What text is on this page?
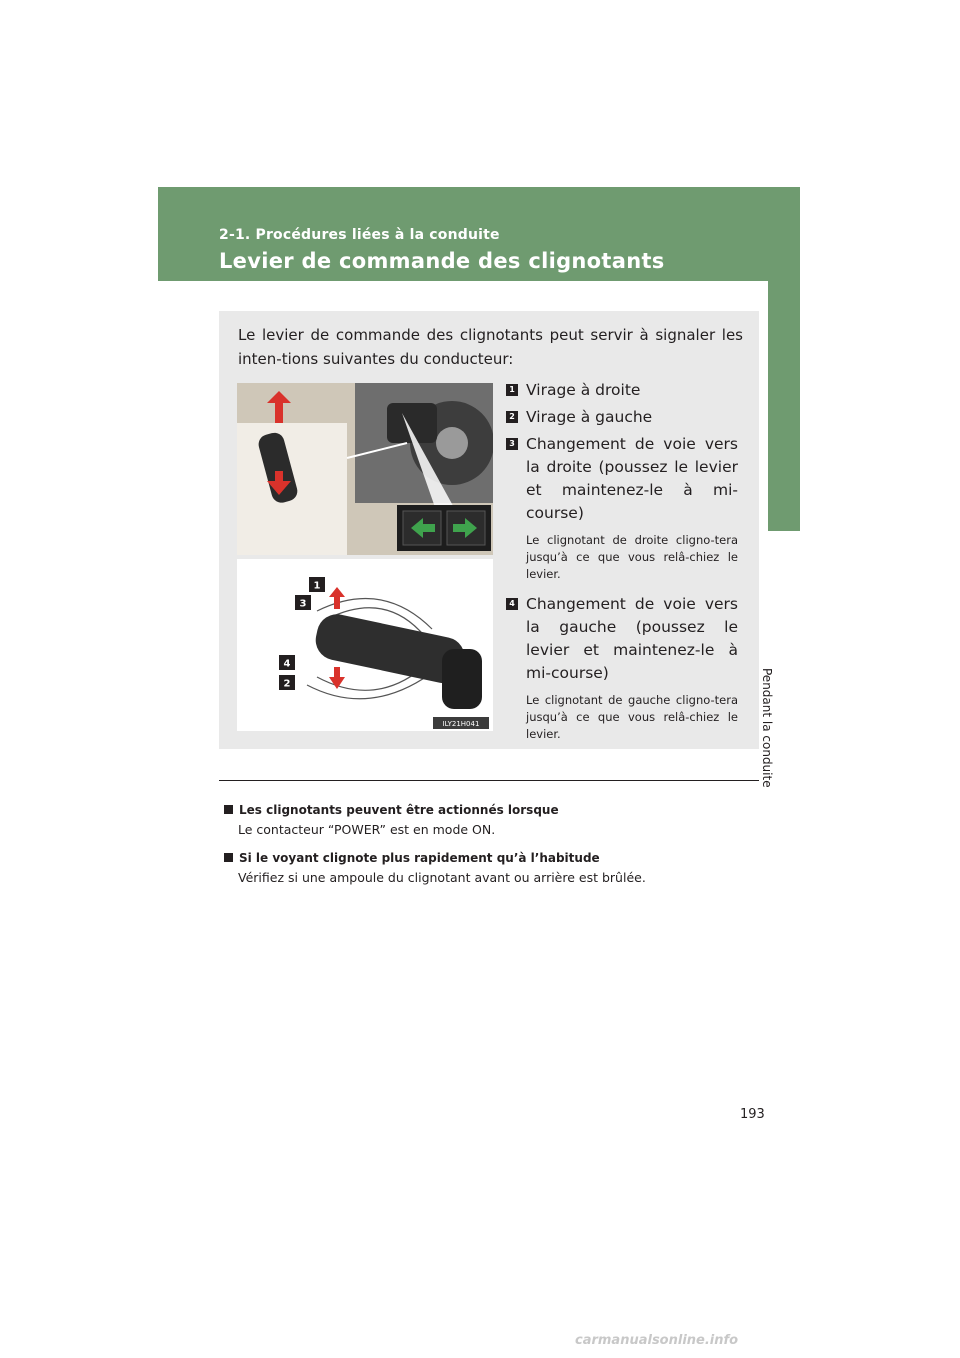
2-1. Procédures liées à la conduite
Levier de commande des clignotants
2
Pendant la conduite
Le levier de commande des clignotants peut servir à signaler les inten-tions suivantes du conducteur:
1
3
4
2
ILY21H041
1 Virage à droite
2 Virage à gauche
3 Changement de voie vers la droite (poussez le levier et maintenez-le à mi-course)
Le clignotant de droite cligno-tera jusqu’à ce que vous relâ-chiez le levier.
4 Changement de voie vers la gauche (poussez le levier et maintenez-le à mi-course)
Le clignotant de gauche cligno-tera jusqu’à ce que vous relâ-chiez le levier.
Les clignotants peuvent être actionnés lorsque
Le contacteur “POWER” est en mode ON.
Si le voyant clignote plus rapidement qu’à l’habitude
Vérifiez si une ampoule du clignotant avant ou arrière est brûlée.
193
carmanualsonline.info
